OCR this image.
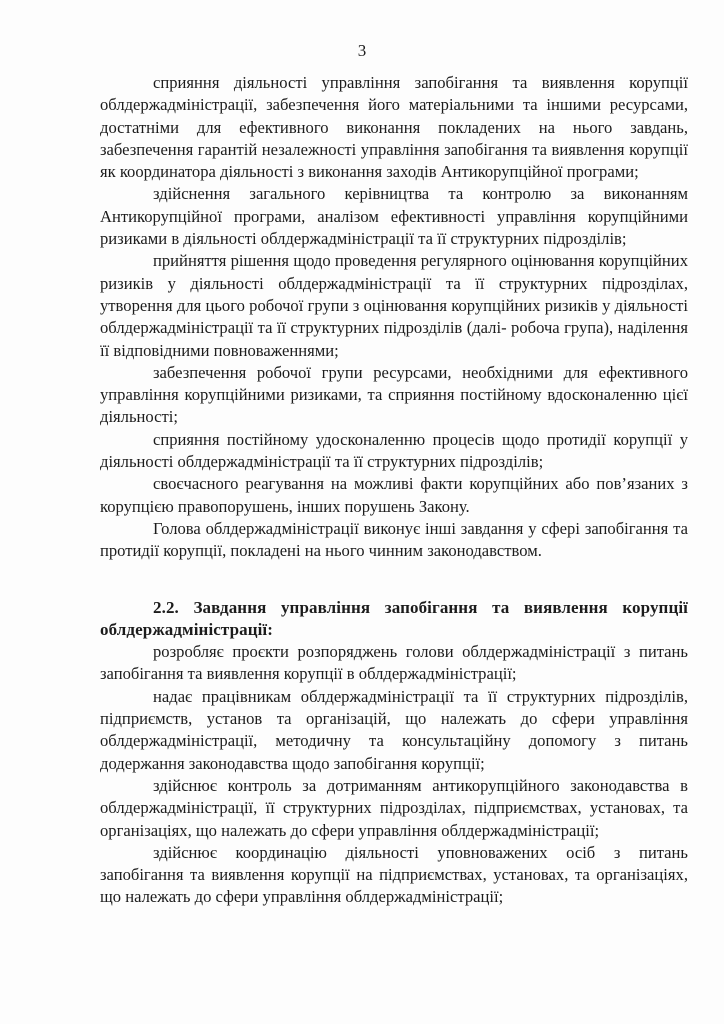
3

сприяння діяльності управління запобігання та виявлення корупції облдержадміністрації, забезпечення його матеріальними та іншими ресурсами, достатніми для ефективного виконання покладених на нього завдань, забезпечення гарантій незалежності управління запобігання та виявлення корупції як координатора діяльності з виконання заходів Антикорупційної програми;

здійснення загального керівництва та контролю за виконанням Антикорупційної програми, аналізом ефективності управління корупційними ризиками в діяльності облдержадміністрації та її структурних підрозділів;

прийняття рішення щодо проведення регулярного оцінювання корупційних ризиків у діяльності облдержадміністрації та її структурних підрозділах, утворення для цього робочої групи з оцінювання корупційних ризиків у діяльності облдержадміністрації та її структурних підрозділів (далі- робоча група), наділення її відповідними повноваженнями;

забезпечення робочої групи ресурсами, необхідними для ефективного управління корупційними ризиками, та сприяння постійному вдосконаленню цієї діяльності;

сприяння постійному удосконаленню процесів щодо протидії корупції у діяльності облдержадміністрації та її структурних підрозділів;

своєчасного реагування на можливі факти корупційних або пов’язаних з корупцією правопорушень, інших порушень Закону.

Голова облдержадміністрації виконує інші завдання у сфері запобігання та протидії корупції, покладені на нього чинним законодавством.

2.2. Завдання управління запобігання та виявлення корупції облдержадміністрації:

розробляє проєкти розпоряджень голови облдержадміністрації з питань запобігання та виявлення корупції в облдержадміністрації;

надає працівникам облдержадміністрації та її структурних підрозділів, підприємств, установ та організацій, що належать до сфери управління облдержадміністрації, методичну та консультаційну допомогу з питань додержання законодавства щодо запобігання корупції;

здійснює контроль за дотриманням антикорупційного законодавства в облдержадміністрації, її структурних підрозділах, підприємствах, установах, та організаціях, що належать до сфери управління облдержадміністрації;

здійснює координацію діяльності уповноважених осіб з питань запобігання та виявлення корупції на підприємствах, установах, та організаціях, що належать до сфери управління облдержадміністрації;
